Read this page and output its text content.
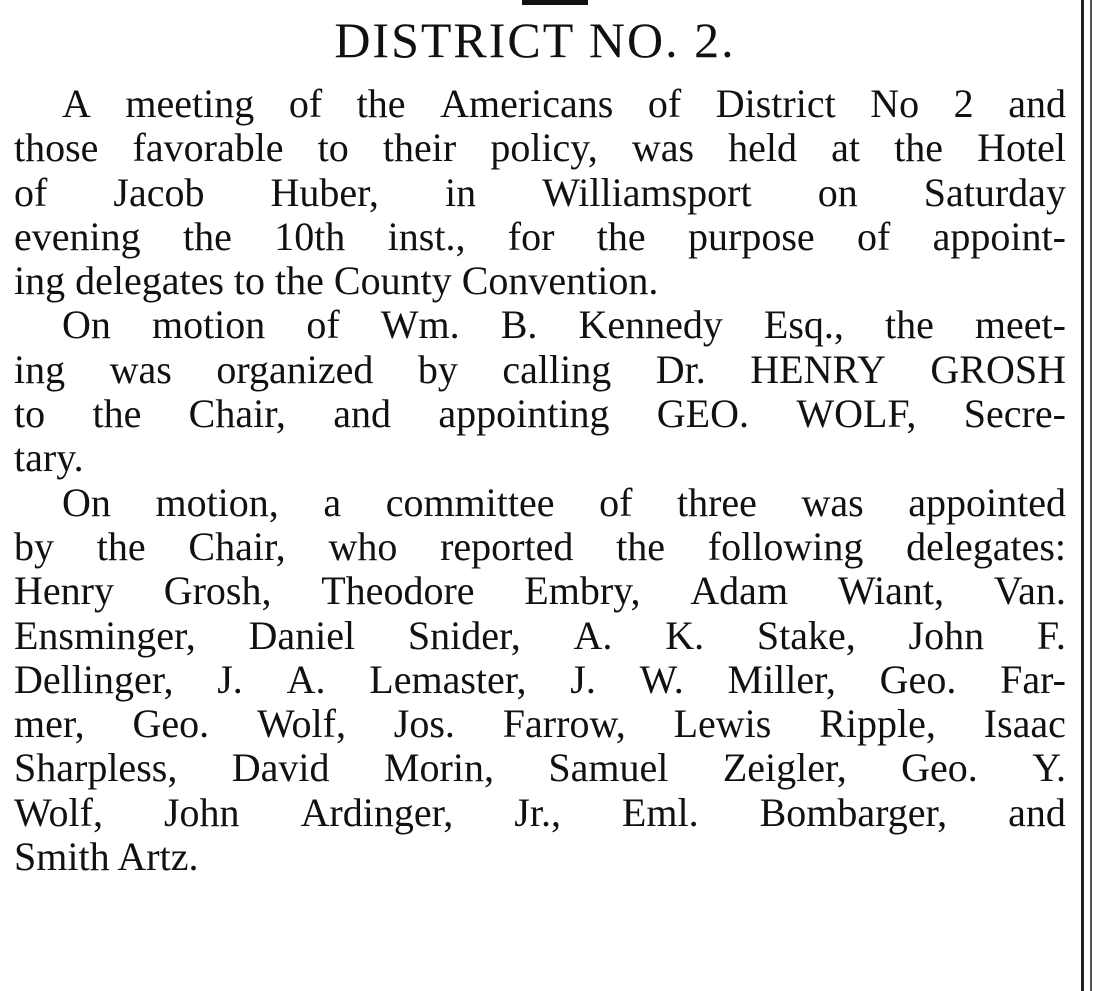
DISTRICT NO. 2.
A meeting of the Americans of District No 2 and
those favorable to their policy, was held at the Hotel
of Jacob Huber, in Williamsport on Saturday
evening the 10th inst., for the purpose of appoint-
ing delegates to the County Convention.
On motion of Wm. B. Kennedy Esq., the meet-
ing was organized by calling Dr. HENRY GROSH
to the Chair, and appointing GEO. WOLF, Secre-
tary.
On motion, a committee of three was appointed
by the Chair, who reported the following delegates:
Henry Grosh, Theodore Embry, Adam Wiant, Van.
Ensminger, Daniel Snider, A. K. Stake, John F.
Dellinger, J. A. Lemaster, J. W. Miller, Geo. Far-
mer, Geo. Wolf, Jos. Farrow, Lewis Ripple, Isaac
Sharpless, David Morin, Samuel Zeigler, Geo. Y.
Wolf, John Ardinger, Jr., Eml. Bombarger, and
Smith Artz.
